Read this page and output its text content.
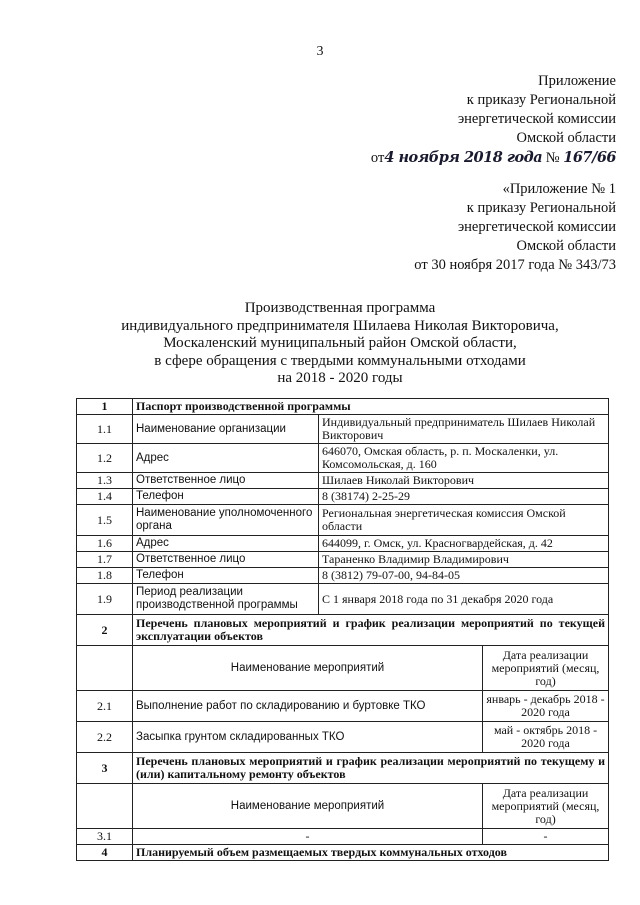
3
Приложение
к приказу Региональной
энергетической комиссии
Омской области
от4 ноября 2018 года № 167/66
«Приложение № 1
к приказу Региональной
энергетической комиссии
Омской области
от 30 ноября 2017 года № 343/73
Производственная программа
индивидуального предпринимателя Шилаева Николая Викторовича,
Москаленский муниципальный район Омской области,
в сфере обращения с твердыми коммунальными отходами
на 2018 - 2020 годы
1	Паспорт производственной программы		
1.1	Наименование организации	Индивидуальный предприниматель Шилаев Николай Викторович	
1.2	Адрес	646070, Омская область, р. п. Москаленки, ул. Комсомольская, д. 160	
1.3	Ответственное лицо	Шилаев Николай Викторович	
1.4	Телефон	8 (38174) 2-25-29	
1.5	Наименование уполномоченного органа	Региональная энергетическая комиссия Омской области	
1.6	Адрес	644099, г. Омск, ул. Красногвардейская, д. 42	
1.7	Ответственное лицо	Тараненко Владимир Владимирович	
1.8	Телефон	8 (3812) 79-07-00, 94-84-05	
1.9	Период реализации производственной программы	С 1 января 2018 года по 31 декабря 2020 года	
2	Перечень плановых мероприятий и график реализации мероприятий по текущей эксплуатации объектов		
	Наименование мероприятий		Дата реализации мероприятий (месяц, год)
2.1	Выполнение работ по складированию и буртовке ТКО		январь - декабрь 2018 - 2020 года
2.2	Засыпка грунтом складированных ТКО		май - октябрь 2018 - 2020 года
3	Перечень плановых мероприятий и график реализации мероприятий по текущему и (или) капитальному ремонту объектов		
	Наименование мероприятий		Дата реализации мероприятий (месяц, год)
3.1	-		-
4	Планируемый объем размещаемых твердых коммунальных отходов		
